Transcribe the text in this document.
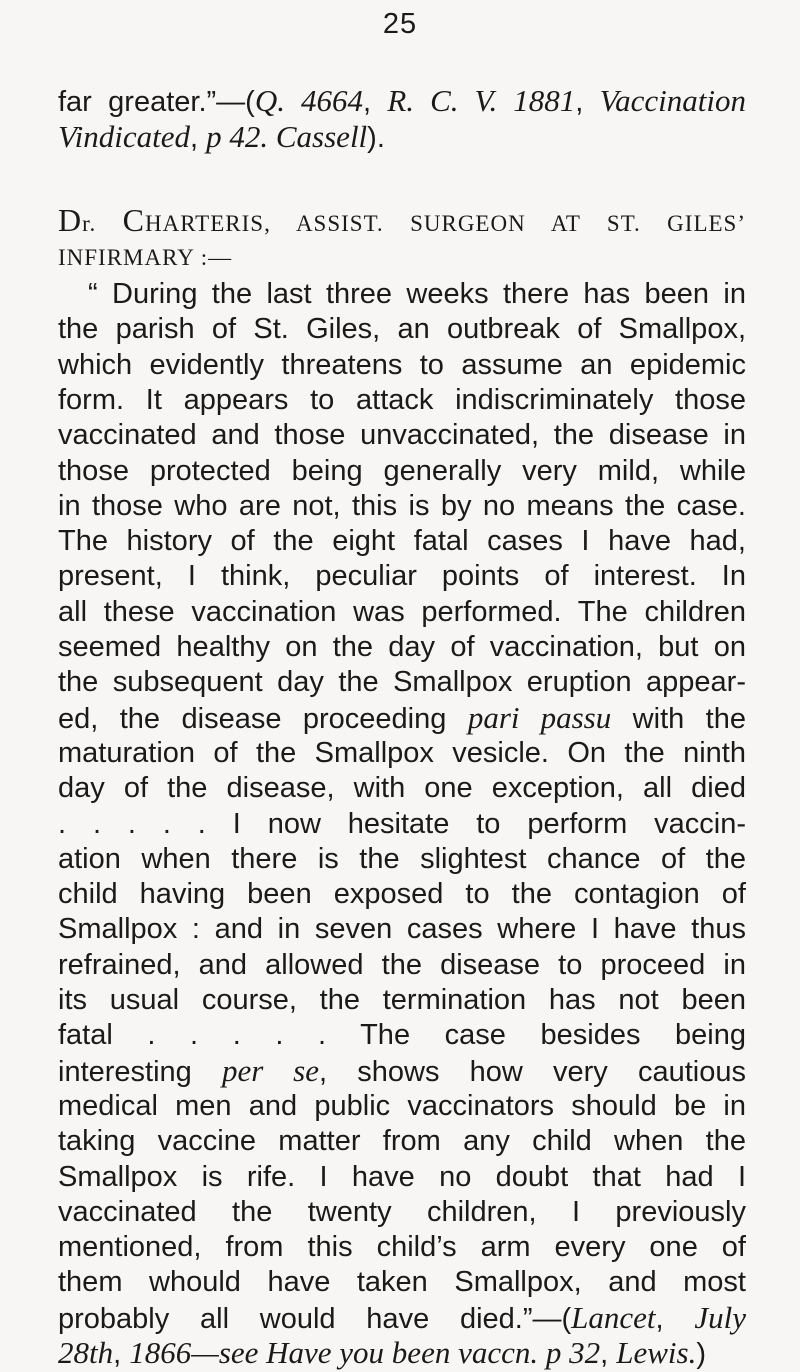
25
far greater.”—(Q. 4664, R. C. V. 1881, Vaccination
Vindicated, p 42. Cassell).
Dr. CHARTERIS, ASSIST. SURGEON AT ST. GILES’
INFIRMARY :—
“ During the last three weeks there has been in
the parish of St. Giles, an outbreak of Smallpox,
which evidently threatens to assume an epidemic
form. It appears to attack indiscriminately those
vaccinated and those unvaccinated, the disease in
those protected being generally very mild, while
in those who are not, this is by no means the case.
The history of the eight fatal cases I have had,
present, I think, peculiar points of interest. In
all these vaccination was performed. The children
seemed healthy on the day of vaccination, but on
the subsequent day the Smallpox eruption appear-
ed, the disease proceeding pari passu with the
maturation of the Smallpox vesicle. On the ninth
day of the disease, with one exception, all died
. . . . . I now hesitate to perform vaccin-
ation when there is the slightest chance of the
child having been exposed to the contagion of
Smallpox : and in seven cases where I have thus
refrained, and allowed the disease to proceed in
its usual course, the termination has not been
fatal . . . . . The case besides being
interesting per se, shows how very cautious
medical men and public vaccinators should be in
taking vaccine matter from any child when the
Smallpox is rife. I have no doubt that had I
vaccinated the twenty children, I previously
mentioned, from this child’s arm every one of
them whould have taken Smallpox, and most
probably all would have died.”—(Lancet, July
28th, 1866—see Have you been vaccn. p 32, Lewis.)
